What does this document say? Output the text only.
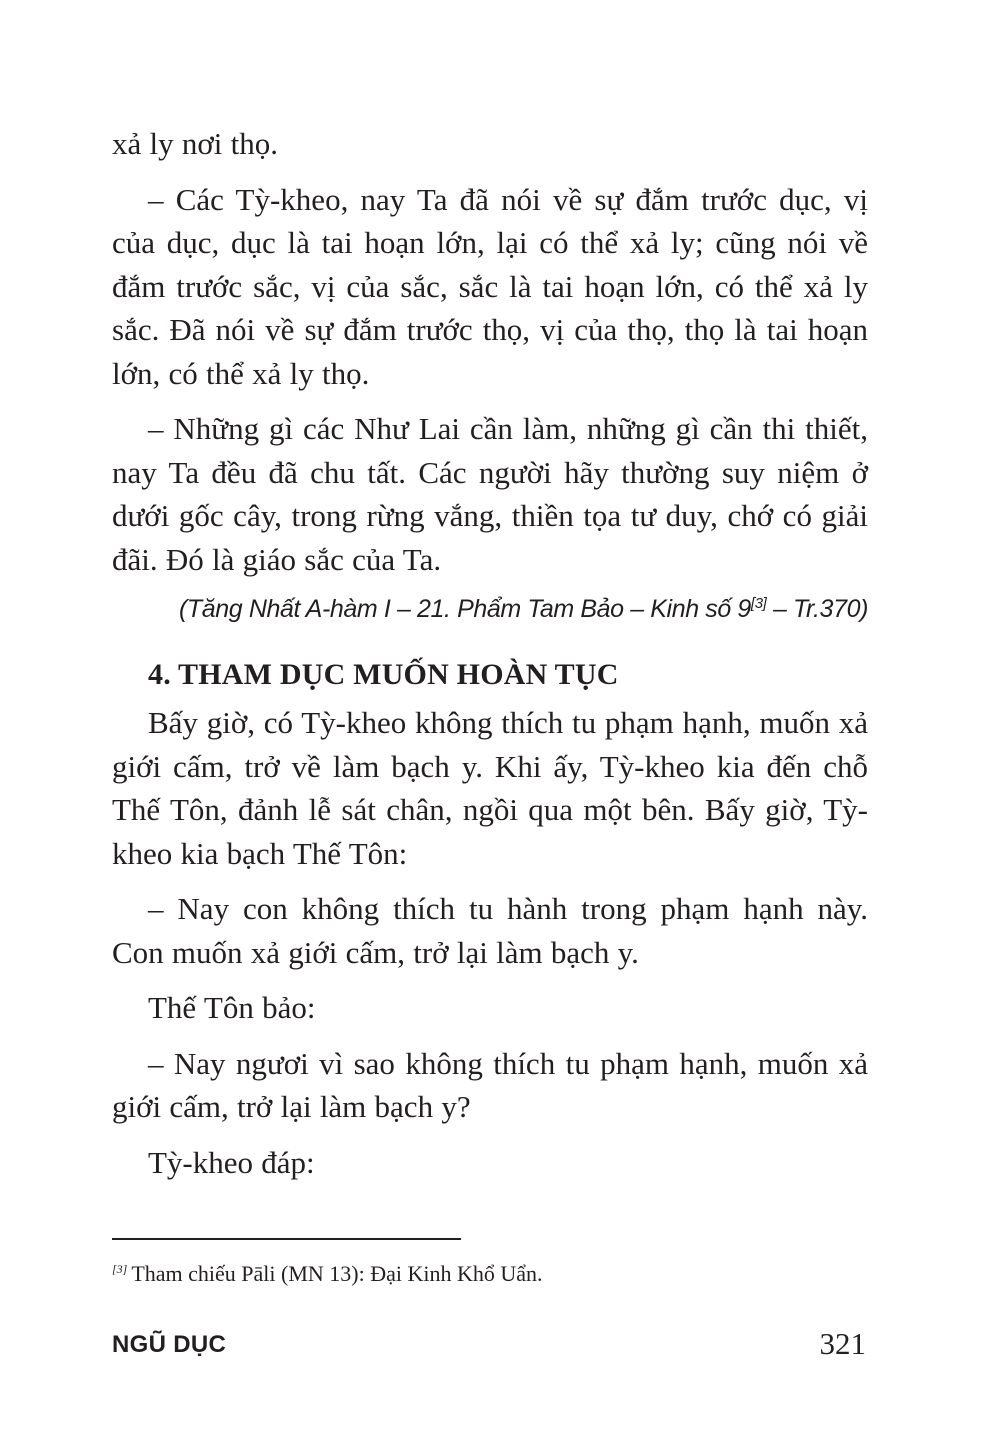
xả ly nơi thọ.

– Các Tỳ-kheo, nay Ta đã nói về sự đắm trước dục, vị của dục, dục là tai hoạn lớn, lại có thể xả ly; cũng nói về đắm trước sắc, vị của sắc, sắc là tai hoạn lớn, có thể xả ly sắc. Đã nói về sự đắm trước thọ, vị của thọ, thọ là tai hoạn lớn, có thể xả ly thọ.

– Những gì các Như Lai cần làm, những gì cần thi thiết, nay Ta đều đã chu tất. Các người hãy thường suy niệm ở dưới gốc cây, trong rừng vắng, thiền tọa tư duy, chớ có giải đãi. Đó là giáo sắc của Ta.

(Tăng Nhất A-hàm I – 21. Phẩm Tam Bảo – Kinh số 9[3] – Tr.370)

4. THAM DỤC MUỐN HOÀN TỤC

Bấy giờ, có Tỳ-kheo không thích tu phạm hạnh, muốn xả giới cấm, trở về làm bạch y. Khi ấy, Tỳ-kheo kia đến chỗ Thế Tôn, đảnh lễ sát chân, ngồi qua một bên. Bấy giờ, Tỳ-kheo kia bạch Thế Tôn:

– Nay con không thích tu hành trong phạm hạnh này. Con muốn xả giới cấm, trở lại làm bạch y.

Thế Tôn bảo:

– Nay ngươi vì sao không thích tu phạm hạnh, muốn xả giới cấm, trở lại làm bạch y?

Tỳ-kheo đáp:

[3] Tham chiếu Pāli (MN 13): Đại Kinh Khổ Uẩn.
NGŨ DỤC	321
